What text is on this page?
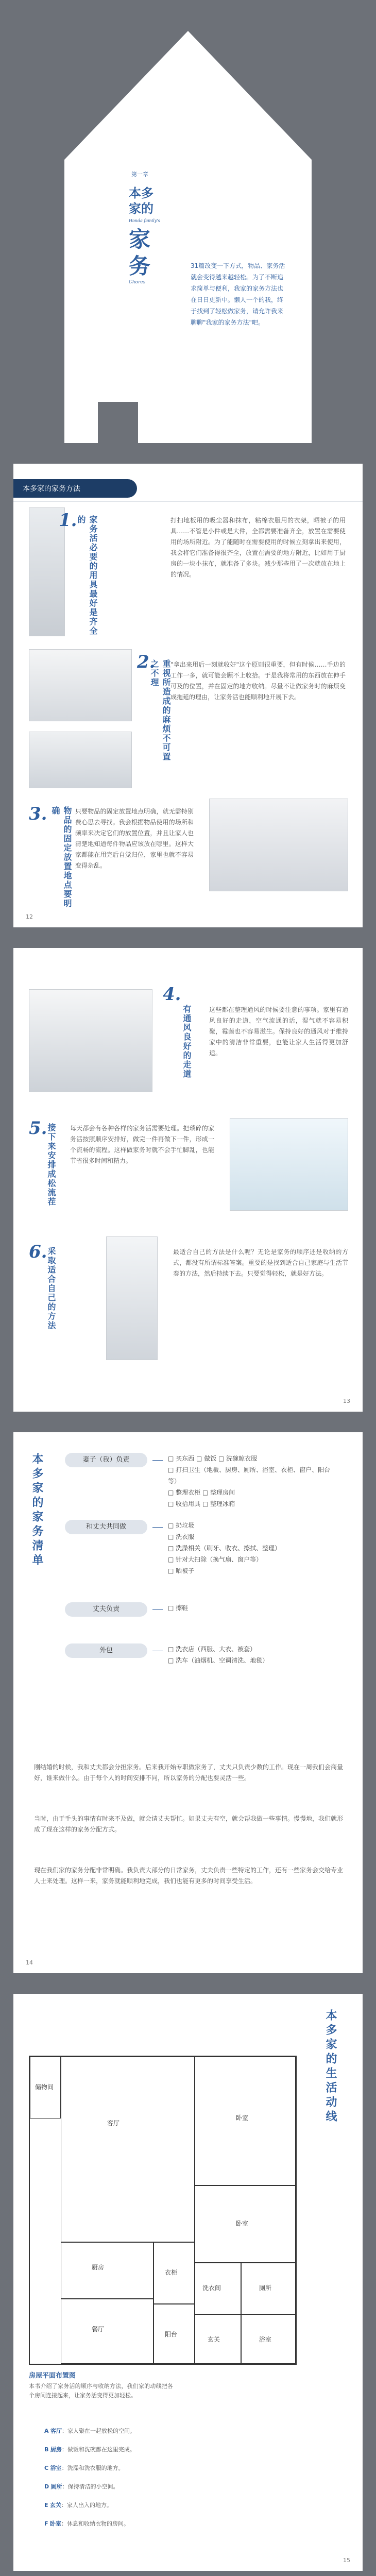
第一章
本多
家的
Honda family's
家务
Chores
31篇改变一下方式，物品、家务活就会变得越来越轻松。为了不断追求简单与便利，我家的家务方法也在日日更新中。懒人一个的我，终于找到了轻松做家务，请允许我来聊聊"我家的家务方法"吧。
本多家的家务方法
1.	家务活必要的用具最好是齐全的	打扫地板用的吸尘器和抹布，粘棉衣服用的衣架，晒被子的用具……不管是小件或是大件，全都需要准备齐全，放置在需要使用的场所附近。为了能随时在需要使用的时候立刻拿出来使用，我会将它们准备得很齐全，放置在需要的地方附近，比如用于厨房的一块小抹布，就准备了多块。减少那些用了一次就放在地上的情况。
2. 重视所造成的麻烦不可置之不理	"拿出来用后一刻就收好"这个原则很重要，但有时候……手边的工作一多，就可能会顾不上收拾。于是我将常用的东西放在伸手可及的位置，并在固定的地方收纳。尽量不让做家务时的麻烦变成拖延的理由，让家务活也能顺利地开展下去。
3.	物品的固定放置地点要明确	只要物品的固定放置地点明确，就无需特别费心思去寻找。我会根据物品使用的场所和频率来决定它们的放置位置，并且让家人也清楚地知道每件物品应该放在哪里。这样大家都能在用完后自觉归位，家里也就不容易变得杂乱。
12
4.
有通风良好的走道	这些都在整理通风的时候要注意的事项。家里有通风良好的走道，空气流通的话，湿气就不容易积聚，霉菌也不容易滋生。保持良好的通风对于维持家中的清洁非常重要，也能让家人生活得更加舒适。
5.
接下来安排成松流茬 每天都会有各种各样的家务活需要处理。把琐碎的家务活按照顺序安排好，做完一件再做下一件，形成一个流畅的流程。这样做家务时就不会手忙脚乱，也能节省很多时间和精力。
6.
采取适合自己的方法	最适合自己的方法是什么呢？无论是家务的顺序还是收纳的方式，都没有所谓标准答案。重要的是找到适合自己家庭与生活节奏的方法，然后持续下去。只要觉得轻松，就是好方法。
13
本多家的家务清单	妻子（我）负责	□ 买东西 □ 做饭 □ 洗碗晾衣服
□ 打扫卫生（地板、厨房、厕所、浴室、衣柜、窗户、阳台等）
□ 整理衣柜 □ 整理房间
□ 收拾用具 □ 整理冰箱
和丈夫共同做	□ 扔垃圾
□ 洗衣服
□ 洗澡相关（刷牙、收衣、擦拭、整理）
□ 针对大扫除（换气扇、窗户等）
□ 晒被子
丈夫负责	□ 擦鞋
外包	□ 洗衣店（西服、大衣、被套）
□ 洗车（油烟机、空调清洗、地毯）
刚结婚的时候，我和丈夫都会分担家务。后来我开始专职做家务了，丈夫只负责少数的工作。现在一周我们会商量好，谁来做什么。由于每个人的时间安排不同，所以家务的分配也要灵活一些。
当时，由于手头的事情有时来不及做，就会请丈夫帮忙。如果丈夫有空，就会帮我做一些事情。慢慢地，我们就形成了现在这样的家务分配方式。
现在我们家的家务分配非常明确。我负责大部分的日常家务，丈夫负责一些特定的工作，还有一些家务会交给专业人士来处理。这样一来，家务就能顺利地完成，我们也能有更多的时间享受生活。
14
储物间
客厅
卧室
厨房
餐厅
衣柜
卧室
洗衣间	厕所
浴室
玄关
阳台
本多家的生活动线
房屋平面布置图
本书介绍了家务活的顺序与收纳方法，我们家的动线把各个房间连接起来，让家务活变得更加轻松。
A 客厅：家人聚在一起放松的空间。
B 厨房：做饭和洗碗都在这里完成。
C 浴室：洗澡和洗衣服的地方。
D 厕所：保持清洁的小空间。
E 玄关：家人出入的地方。
F 卧室：休息和收纳衣物的房间。
15
